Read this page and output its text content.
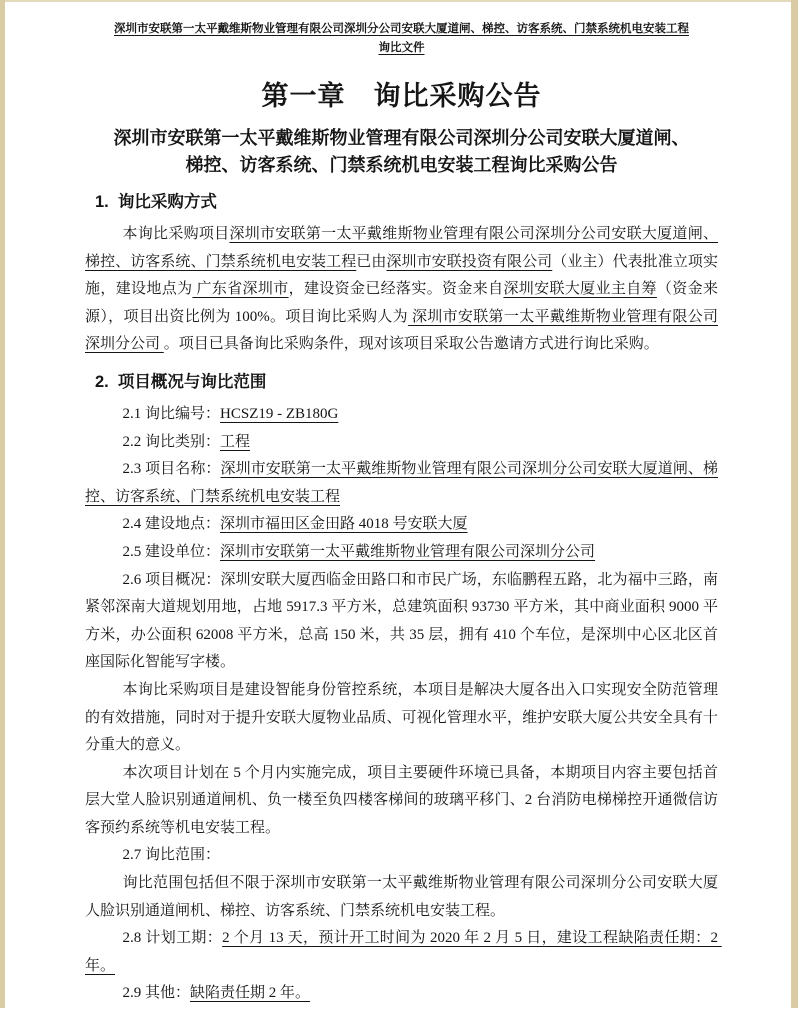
深圳市安联第一太平戴维斯物业管理有限公司深圳分公司安联大厦道闸、梯控、访客系统、门禁系统机电安装工程
询比文件
第一章　询比采购公告
深圳市安联第一太平戴维斯物业管理有限公司深圳分公司安联大厦道闸、
梯控、访客系统、门禁系统机电安装工程询比采购公告
1.  询比采购方式

本询比采购项目深圳市安联第一太平戴维斯物业管理有限公司深圳分公司安联大厦道闸、梯控、访客系统、门禁系统机电安装工程已由深圳市安联投资有限公司（业主）代表批准立项实施，建设地点为 广东省深圳市，建设资金已经落实。资金来自深圳安联大厦业主自筹（资金来源），项目出资比例为 100%。项目询比采购人为 深圳市安联第一太平戴维斯物业管理有限公司深圳分公司 。项目已具备询比采购条件，现对该项目采取公告邀请方式进行询比采购。

2.  项目概况与询比范围

2.1 询比编号：HCSZ19 - ZB180G

2.2 询比类别：工程

2.3 项目名称：深圳市安联第一太平戴维斯物业管理有限公司深圳分公司安联大厦道闸、梯控、访客系统、门禁系统机电安装工程

2.4 建设地点：深圳市福田区金田路 4018 号安联大厦

2.5 建设单位：深圳市安联第一太平戴维斯物业管理有限公司深圳分公司

2.6 项目概况：深圳安联大厦西临金田路口和市民广场，东临鹏程五路，北为福中三路，南紧邻深南大道规划用地，占地 5917.3 平方米，总建筑面积 93730 平方米，其中商业面积 9000 平方米，办公面积 62008 平方米，总高 150 米，共 35 层，拥有 410 个车位，是深圳中心区北区首座国际化智能写字楼。

本询比采购项目是建设智能身份管控系统，本项目是解决大厦各出入口实现安全防范管理的有效措施，同时对于提升安联大厦物业品质、可视化管理水平，维护安联大厦公共安全具有十分重大的意义。

本次项目计划在 5 个月内实施完成，项目主要硬件环境已具备，本期项目内容主要包括首层大堂人脸识别通道闸机、负一楼至负四楼客梯间的玻璃平移门、2 台消防电梯梯控开通微信访客预约系统等机电安装工程。

2.7 询比范围：

询比范围包括但不限于深圳市安联第一太平戴维斯物业管理有限公司深圳分公司安联大厦人脸识别通道闸机、梯控、访客系统、门禁系统机电安装工程。

2.8 计划工期：2 个月 13 天，预计开工时间为 2020 年 2 月 5 日，建设工程缺陷责任期：2 年。

2.9 其他：缺陷责任期 2 年。
